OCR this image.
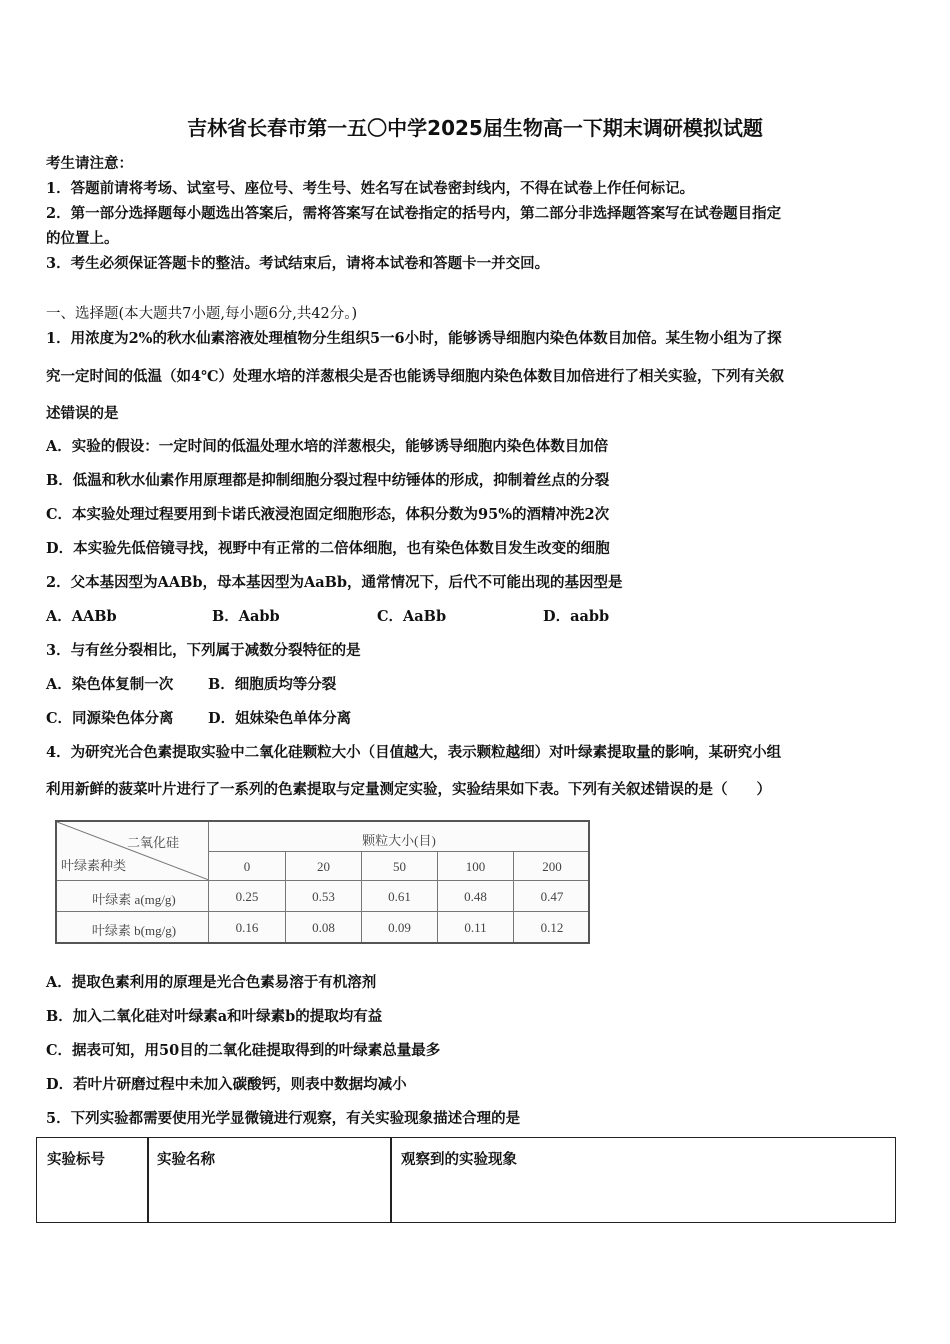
吉林省长春市第一五〇中学2025届生物高一下期末调研模拟试题
考生请注意：
1．答题前请将考场、试室号、座位号、考生号、姓名写在试卷密封线内，不得在试卷上作任何标记。
2．第一部分选择题每小题选出答案后，需将答案写在试卷指定的括号内，第二部分非选择题答案写在试卷题目指定
的位置上。
3．考生必须保证答题卡的整洁。考试结束后，请将本试卷和答题卡一并交回。
一、选择题(本大题共7小题,每小题6分,共42分。)
1．用浓度为2%的秋水仙素溶液处理植物分生组织5一6小时，能够诱导细胞内染色体数目加倍。某生物小组为了探
究一定时间的低温（如4℃）处理水培的洋葱根尖是否也能诱导细胞内染色体数目加倍进行了相关实验，下列有关叙
述错误的是
A．实验的假设：一定时间的低温处理水培的洋葱根尖，能够诱导细胞内染色体数目加倍
B．低温和秋水仙素作用原理都是抑制细胞分裂过程中纺锤体的形成，抑制着丝点的分裂
C．本实验处理过程要用到卡诺氏液浸泡固定细胞形态，体积分数为95%的酒精冲洗2次
D．本实验先低倍镜寻找，视野中有正常的二倍体细胞，也有染色体数目发生改变的细胞
2．父本基因型为AABb，母本基因型为AaBb，通常情况下，后代不可能出现的基因型是
A．AABb	B．Aabb	C．AaBb	D．aabb
3．与有丝分裂相比，下列属于减数分裂特征的是
A．染色体复制一次 B．细胞质均等分裂
C．同源染色体分离 D．姐妹染色单体分离
4．为研究光合色素提取实验中二氧化硅颗粒大小（目值越大，表示颗粒越细）对叶绿素提取量的影响，某研究小组
利用新鲜的菠菜叶片进行了一系列的色素提取与定量测定实验，实验结果如下表。下列有关叙述错误的是（　　）
二氧化硅
叶绿素种类
颗粒大小(目)
0	20	50	100	200
叶绿素 a(mg/g)	0.25	0.53	0.61	0.48	0.47
叶绿素 b(mg/g)	0.16	0.08	0.09	0.11	0.12
A．提取色素利用的原理是光合色素易溶于有机溶剂
B．加入二氧化硅对叶绿素a和叶绿素b的提取均有益
C．据表可知，用50目的二氧化硅提取得到的叶绿素总量最多
D．若叶片研磨过程中未加入碳酸钙，则表中数据均减小
5．下列实验都需要使用光学显微镜进行观察，有关实验现象描述合理的是
实验标号	实验名称	观察到的实验现象
